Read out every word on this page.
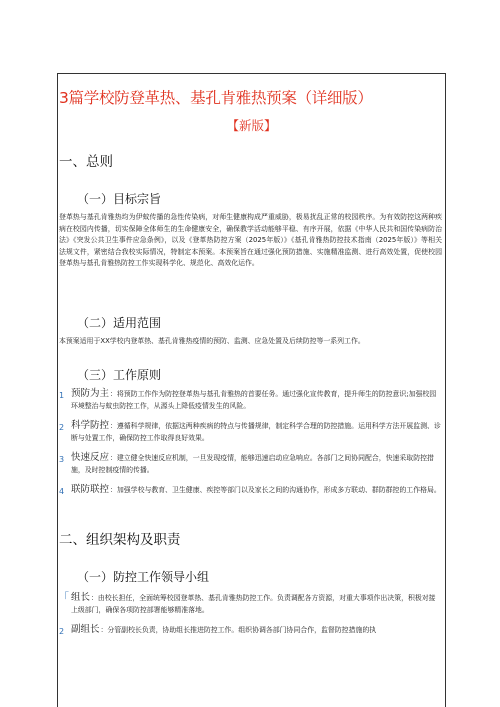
3篇学校防登革热、基孔肯雅热预案（详细版）
【新版】
一、总则
（一）目标宗旨
登革热与基孔肯雅热均为伊蚊传播的急性传染病，对师生健康构成严重威胁，极易扰乱正常的校园秩序。为有效防控这两种疾病在校园内传播，切实保障全体师生的生命健康安全，确保教学活动能够平稳、有序开展，依据《中华人民共和国传染病防治法》《突发公共卫生事件应急条例》，以及《登革热防控方案（2025年版）》《基孔肯雅热防控技术指南（2025年版）》等相关法规文件，紧密结合我校实际情况，特制定本预案。本预案旨在通过强化预防措施、实施精准监测、进行高效处置，促使校园登革热与基孔肯雅热防控工作实现科学化、规范化、高效化运作。
（二）适用范围
本预案适用于XX学校内登革热、基孔肯雅热疫情的预防、监测、应急处置及后续防控等一系列工作。
（三）工作原则
1 预防为主：将预防工作作为防控登革热与基孔肯雅热的首要任务。通过强化宣传教育，提升师生的防控意识;加强校园环境整治与蚊虫防控工作，从源头上降低疫情发生的风险。
2 科学防控：遵循科学规律，依据这两种疾病的特点与传播规律，制定科学合理的防控措施。运用科学方法开展监测、诊断与处置工作，确保防控工作取得良好效果。
3 快速反应：建立健全快速反应机制，一旦发现疫情，能够迅速启动应急响应。各部门之间协同配合，快速采取防控措施，及时控制疫情的传播。
4 联防联控：加强学校与教育、卫生健康、疾控等部门以及家长之间的沟通协作，形成多方联动、群防群控的工作格局。
二、组织架构及职责
（一）防控工作领导小组
「 组长：由校长担任，全面统筹校园登革热、基孔肯雅热防控工作。负责调配各方资源，对重大事项作出决策，积极对接上级部门，确保各项防控部署能够精准落地。
2 副组长：分管副校长负责，协助组长推进防控工作。组织协调各部门协同合作，监督防控措施的执
